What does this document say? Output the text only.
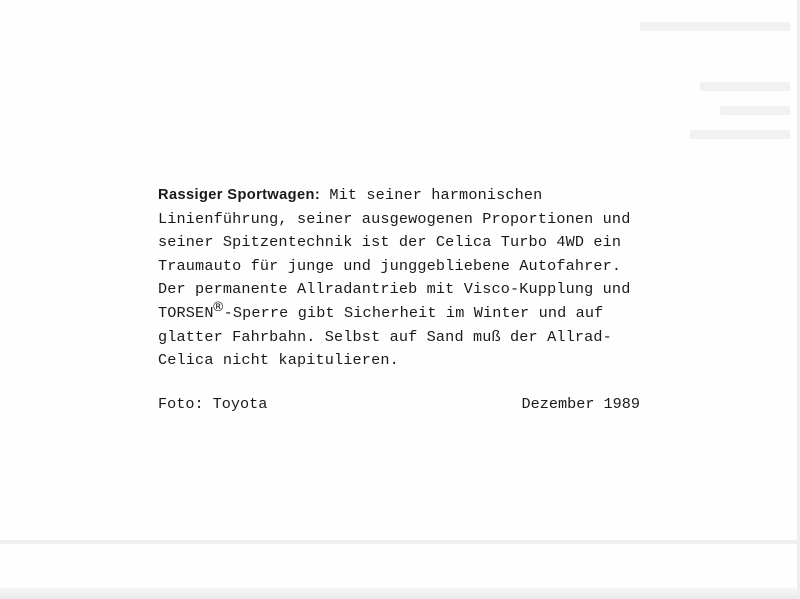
Rassiger Sportwagen: Mit seiner harmonischen
Linienführung, seiner ausgewogenen Proportionen und
seiner Spitzentechnik ist der Celica Turbo 4WD ein
Traumauto für junge und junggebliebene Autofahrer.
Der permanente Allradantrieb mit Visco-Kupplung und
TORSEN®-Sperre gibt Sicherheit im Winter und auf
glatter Fahrbahn. Selbst auf Sand muß der Allrad-
Celica nicht kapitulieren.
Foto: Toyota	Dezember 1989
